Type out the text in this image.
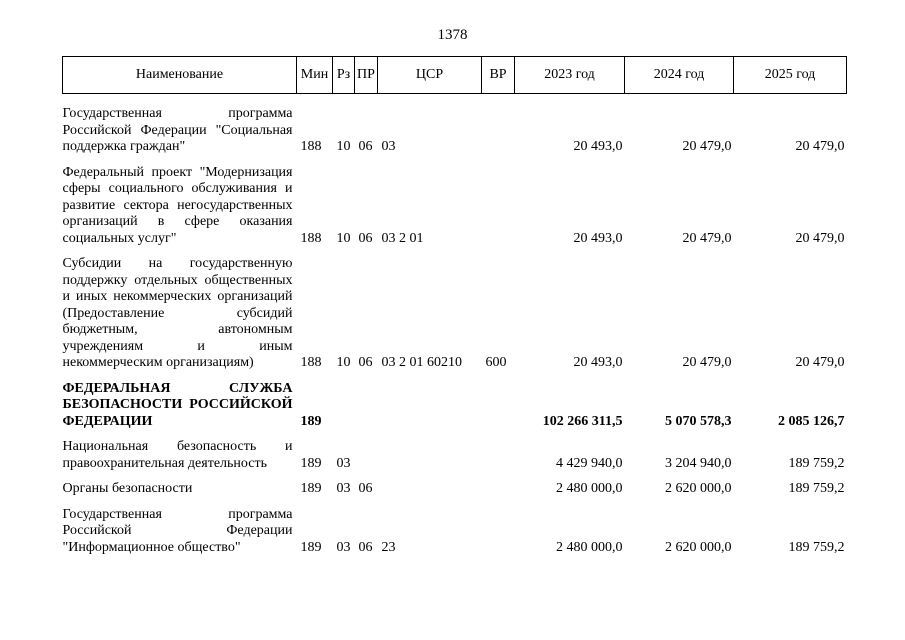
1378
Наименование	Мин	Рз	ПР	ЦСР	ВР	2023 год	2024 год	2025 год
Государственная программа Российской Федерации "Социальная поддержка граждан"	188	10	06	03		20 493,0	20 479,0	20 479,0
Федеральный проект "Модернизация сферы социального обслуживания и развитие сектора негосударственных организаций в сфере оказания социальных услуг"	188	10	06	03 2 01		20 493,0	20 479,0	20 479,0
Субсидии на государственную поддержку отдельных общественных и иных некоммерческих организаций (Предоставление субсидий бюджетным, автономным учреждениям и иным некоммерческим организациям)	188	10	06	03 2 01 60210	600	20 493,0	20 479,0	20 479,0
ФЕДЕРАЛЬНАЯ СЛУЖБА БЕЗОПАСНОСТИ РОССИЙСКОЙ ФЕДЕРАЦИИ	189					102 266 311,5	5 070 578,3	2 085 126,7
Национальная безопасность и правоохранительная деятельность	189	03				4 429 940,0	3 204 940,0	189 759,2
Органы безопасности	189	03	06			2 480 000,0	2 620 000,0	189 759,2
Государственная программа Российской Федерации "Информационное общество"	189	03	06	23		2 480 000,0	2 620 000,0	189 759,2
